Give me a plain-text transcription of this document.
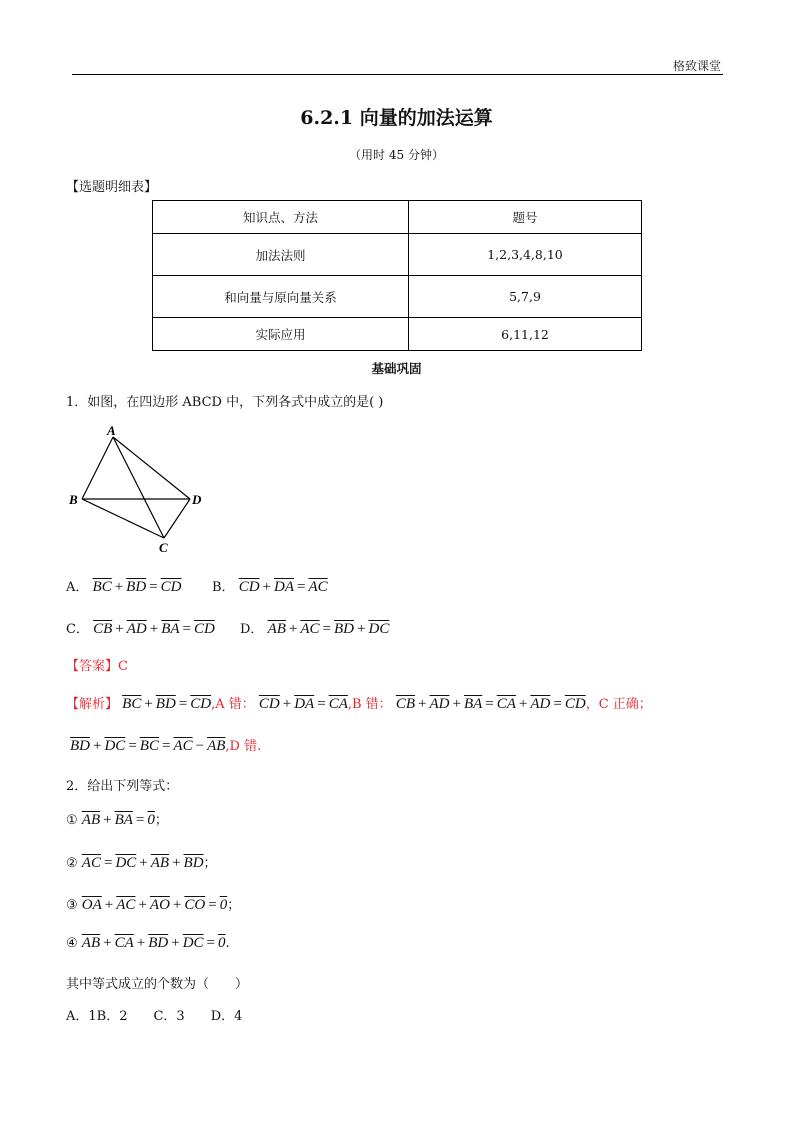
格致课堂
6.2.1 向量的加法运算
（用时 45 分钟）
【选题明细表】
知识点、方法	题号
加法法则	1,2,3,4,8,10
和向量与原向量关系	5,7,9
实际应用	6,11,12
基础巩固
1．如图，在四边形 ABCD 中，下列各式中成立的是( )
A
B
C
D
A． $\overline{BC} + \overline{BD} = \overline{CD}$ B． $\overline{CD} + \overline{DA} = \overline{AC}$
C． $\overline{CB} + \overline{AD} + \overline{BA} = \overline{CD}$ D． $\overline{AB} + \overline{AC} = \overline{BD} + \overline{DC}$
【答案】C
【解析】 $\overline{BC} + \overline{BD} = \overline{CD},A$ 错： $\overline{CD} + \overline{DA} = \overline{CA},B$ 错： $\overline{CB} + \overline{AD} + \overline{BA} = \overline{CA} + \overline{AD} = \overline{CD}$，C 正确；
$\overline{BD} + \overline{DC} = \overline{BC} = \overline{AC} - \overline{AB},D$ 错.
2．给出下列等式：
① $\overline{AB} + \overline{BA} = 0$；
② $\overline{AC} = \overline{DC} + \overline{AB} + \overline{BD}$；
③ $\overline{OA} + \overline{AC} + \overline{AO} + \overline{CO} = 0$；
④ $\overline{AB} + \overline{CA} + \overline{BD} + \overline{DC} = 0$.
其中等式成立的个数为（　　）
A．1B．2　　C．3　　D．4
